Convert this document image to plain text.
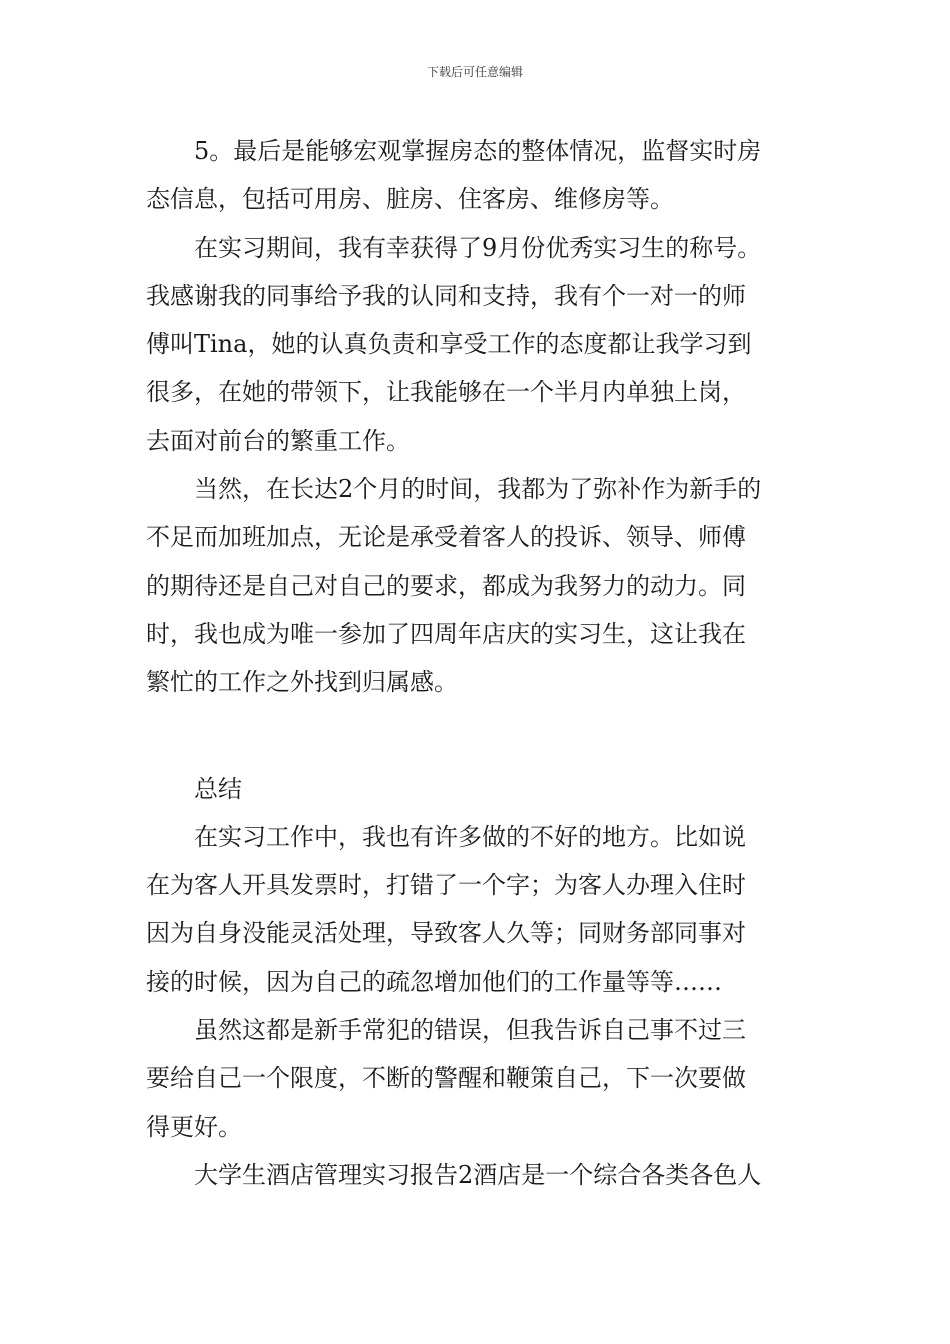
下载后可任意编辑
　　5。最后是能够宏观掌握房态的整体情况，监督实时房
态信息，包括可用房、脏房、住客房、维修房等。
　　在实习期间，我有幸获得了9月份优秀实习生的称号。
我感谢我的同事给予我的认同和支持，我有个一对一的师
傅叫Tina，她的认真负责和享受工作的态度都让我学习到
很多，在她的带领下，让我能够在一个半月内单独上岗，
去面对前台的繁重工作。
　　当然，在长达2个月的时间，我都为了弥补作为新手的
不足而加班加点，无论是承受着客人的投诉、领导、师傅
的期待还是自己对自己的要求，都成为我努力的动力。同
时，我也成为唯一参加了四周年店庆的实习生，这让我在
繁忙的工作之外找到归属感。
　　总结
　　在实习工作中，我也有许多做的不好的地方。比如说
在为客人开具发票时，打错了一个字；为客人办理入住时
因为自身没能灵活处理，导致客人久等；同财务部同事对
接的时候，因为自己的疏忽增加他们的工作量等等……
　　虽然这都是新手常犯的错误，但我告诉自己事不过三
要给自己一个限度，不断的警醒和鞭策自己，下一次要做
得更好。
　　大学生酒店管理实习报告2酒店是一个综合各类各色人
